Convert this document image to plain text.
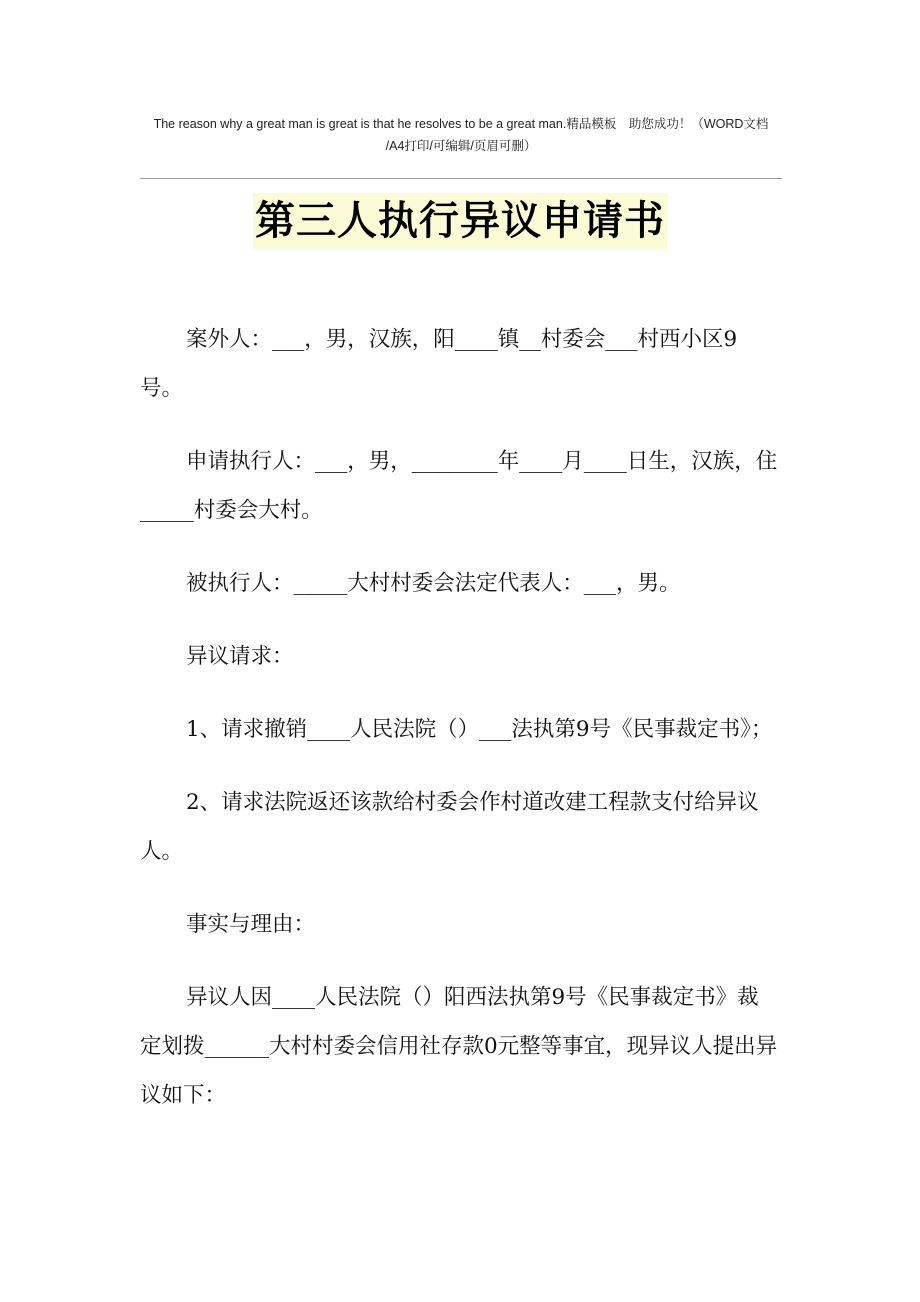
The reason why a great man is great is that he resolves to be a great man.精品模板　助您成功！（WORD文档
/A4打印/可编辑/页眉可删）
第三人执行异议申请书

案外人：___，男，汉族，阳____镇__村委会___村西小区9号。

申请执行人：___，男，________年____月____日生，汉族，住_____村委会大村。

被执行人：_____大村村委会法定代表人：___，男。

异议请求：

1、请求撤销____人民法院（）___法执第9号《民事裁定书》；

2、请求法院返还该款给村委会作村道改建工程款支付给异议人。

事实与理由：

异议人因____人民法院（）阳西法执第9号《民事裁定书》裁定划拨______大村村委会信用社存款0元整等事宜，现异议人提出异议如下：
